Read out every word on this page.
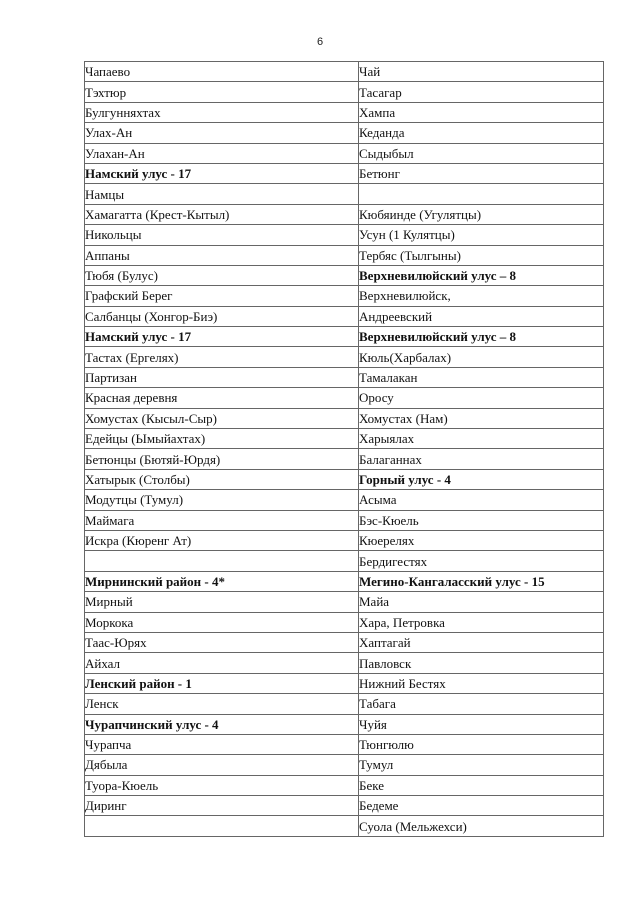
6
Чапаево	Чай
Тэхтюр	Тасагар
Булгунняхтах	Хампа
Улах-Ан	Кеданда
Улахан-Ан	Сыдыбыл
Намский улус - 17	Бетюнг
Намцы	
Хамагатта (Крест-Кытыл)	Кюбяинде (Угулятцы)
Никольцы	Усун (1 Кулятцы)
Аппаны	Тербяс (Тылгыны)
Тюбя (Булус)	Верхневилюйский улус – 8
Графский Берег	Верхневилюйск,
Салбанцы (Хонгор-Биэ)	Андреевский
Намский улус - 17	Верхневилюйский улус – 8
Тастах (Ергелях)	Кюль(Харбалах)
Партизан	Тамалакан
Красная деревня	Оросу
Хомустах (Кысыл-Сыр)	Хомустах (Нам)
Едейцы (Ымыйахтах)	Харыялах
Бетюнцы (Бютяй-Юрдя)	Балаганнах
Хатырык (Столбы)	Горный улус - 4
Модутцы (Тумул)	Асыма
Маймага	Бэс-Кюель
Искра (Кюренг Ат)	Кюерелях
	Бердигестях
Мирнинский район - 4*	Мегино-Кангаласский улус - 15
Мирный	Майа
Моркока	Хара, Петровка
Таас-Юрях	Хаптагай
Айхал	Павловск
Ленский район - 1	Нижний Бестях
Ленск	Табага
Чурапчинский улус - 4	Чуйя
Чурапча	Тюнгюлю
Дябыла	Тумул
Туора-Кюель	Беке
Диринг	Бедеме
	Суола (Мельжехси)
